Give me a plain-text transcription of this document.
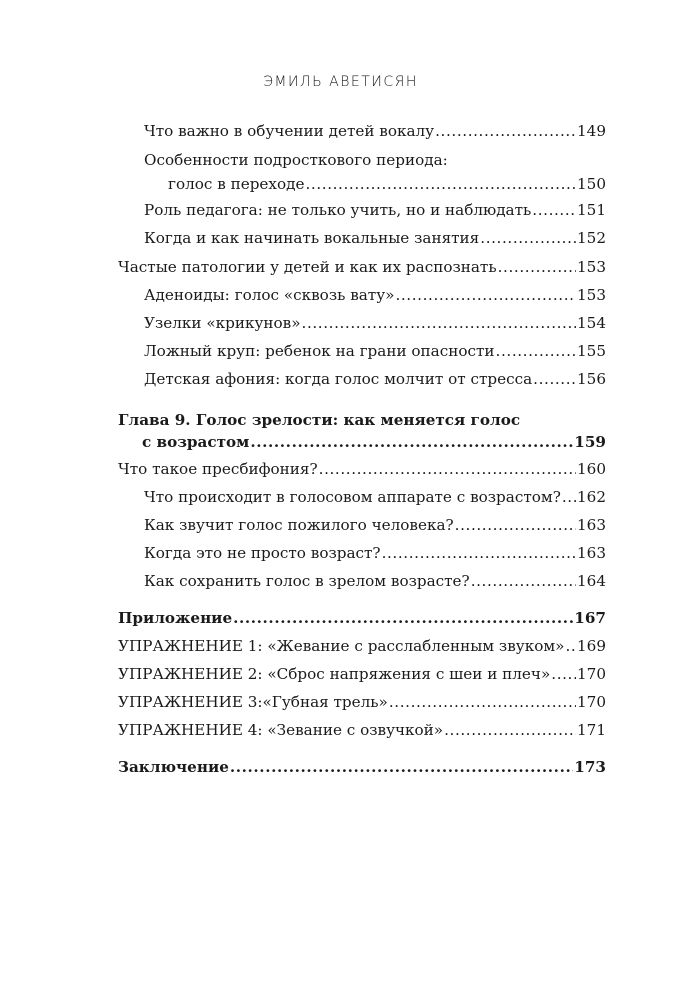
ЭМИЛЬ АВЕТИСЯН
Что важно в обучении детей вокалу .....	149
Особенности подросткового периода:
голос в переходе .....	150
Роль педагога: не только учить, но и наблюдать .....	151
Когда и как начинать вокальные занятия .....	152
Частые патологии у детей и как их распознать .....	153
Аденоиды: голос «сквозь вату» .....	153
Узелки «крикунов» .....	154
Ложный круп: ребенок на грани опасности .....	155
Детская афония: когда голос молчит от стресса .....	156
Глава 9. Голос зрелости: как меняется голос
с возрастом .....	159
Что такое пресбифония? .....	160
Что происходит в голосовом аппарате с возрастом? ..... 162
Как звучит голос пожилого человека? .....	163
Когда это не просто возраст? .....	163
Как сохранить голос в зрелом возрасте? .....	164
Приложение .....	167
УПРАЖНЕНИЕ 1: «Жевание с расслабленным звуком» ..... 169
УПРАЖНЕНИЕ 2: «Сброс напряжения с шеи и плеч» ..... 170
УПРАЖНЕНИЕ 3:«Губная трель» .....	170
УПРАЖНЕНИЕ 4: «Зевание с озвучкой» .....	171
Заключение .....	173
